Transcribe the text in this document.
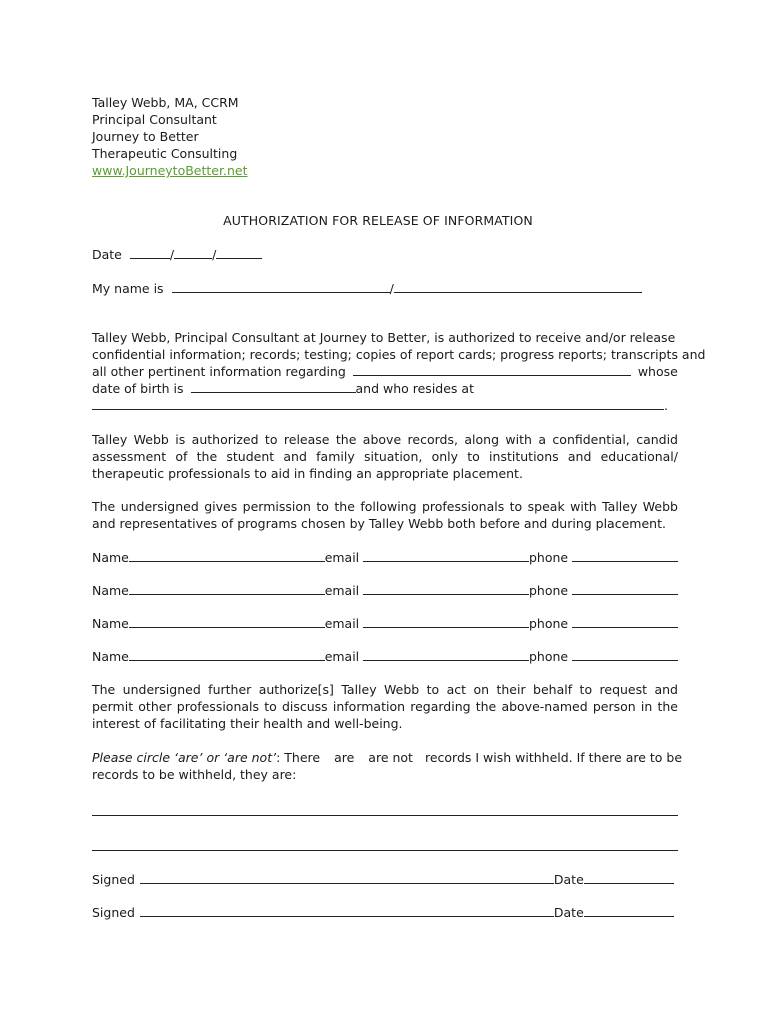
Talley Webb, MA, CCRM
Principal Consultant
Journey to Better
Therapeutic Consulting
www.JourneytoBetter.net
AUTHORIZATION FOR RELEASE OF INFORMATION
Date	/	/
My name is	/
Talley Webb, Principal Consultant at Journey to Better, is authorized to receive and/or release
confidential information; records; testing; copies of report cards; progress reports; transcripts and
all other pertinent information regarding	whose
date of birth is	and who resides at
.

Talley Webb is authorized to release the above records, along with a confidential, candid assessment of the student and family situation, only to institutions and educational/ therapeutic professionals to aid in finding an appropriate placement.

The undersigned gives permission to the following professionals to speak with Talley Webb and representatives of programs chosen by Talley Webb both before and during placement.

Name	email	phone
Name	email	phone
Name	email	phone
Name	email	phone

The undersigned further authorize[s] Talley Webb to act on their behalf to request and permit other professionals to discuss information regarding the above-named person in the interest of facilitating their health and well-being.

Please circle ‘are’ or ‘are not’: There are are not records I wish withheld. If there are to be
records to be withheld, they are:
Signed	Date
Signed	Date
